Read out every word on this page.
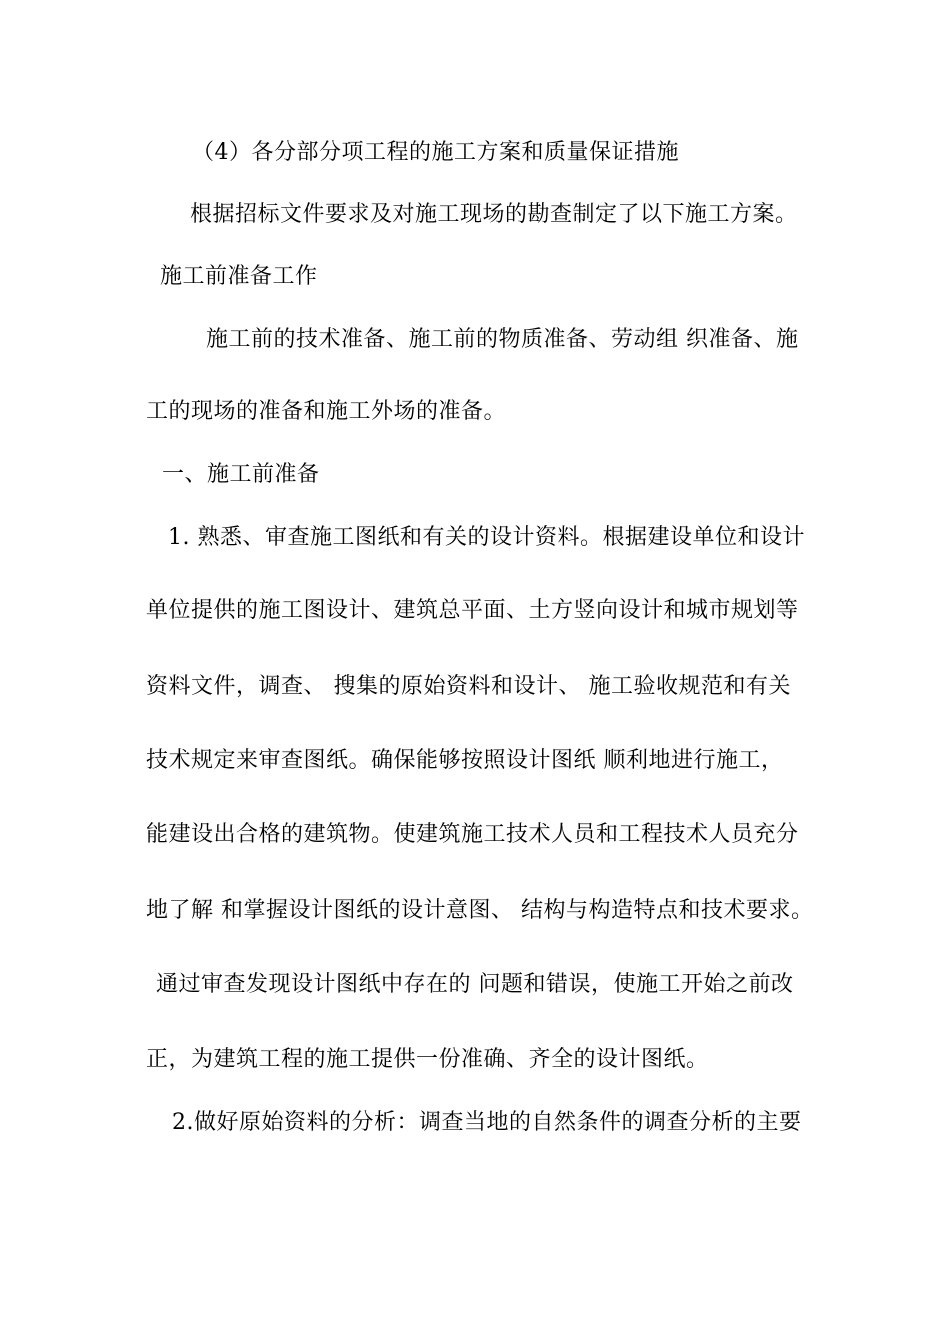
（4）各分部分项工程的施工方案和质量保证措施
根据招标文件要求及对施工现场的勘查制定了以下施工方案。
施工前准备工作
施工前的技术准备、施工前的物质准备、劳动组 织准备、施
工的现场的准备和施工外场的准备。
一、施工前准备
1. 熟悉、审查施工图纸和有关的设计资料。根据建设单位和设计
单位提供的施工图设计、建筑总平面、土方竖向设计和城市规划等
资料文件，调查、 搜集的原始资料和设计、 施工验收规范和有关
技术规定来审查图纸。确保能够按照设计图纸 顺利地进行施工，
能建设出合格的建筑物。使建筑施工技术人员和工程技术人员充分
地了解 和掌握设计图纸的设计意图、 结构与构造特点和技术要求。
通过审查发现设计图纸中存在的 问题和错误，使施工开始之前改
正，为建筑工程的施工提供一份准确、齐全的设计图纸。
2.做好原始资料的分析：调查当地的自然条件的调查分析的主要
